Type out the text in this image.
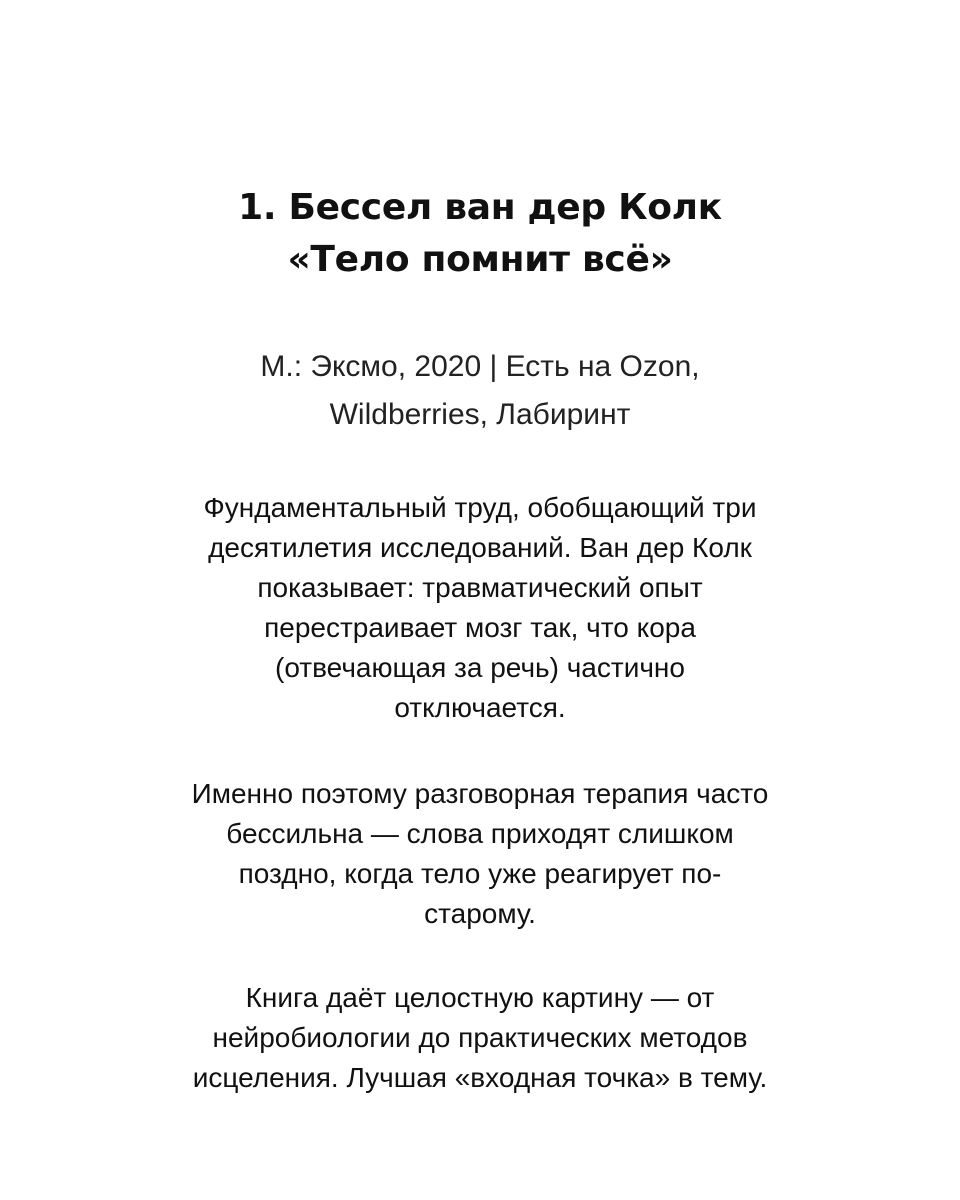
1. Бессел ван дер Колк
«Тело помнит всё»

М.: Эксмо, 2020 | Есть на Ozon,
Wildberries, Лабиринт

Фундаментальный труд, обобщающий три
десятилетия исследований. Ван дер Колк
показывает: травматический опыт
перестраивает мозг так, что кора
(отвечающая за речь) частично
отключается.

Именно поэтому разговорная терапия часто
бессильна — слова приходят слишком
поздно, когда тело уже реагирует по-
старому.

Книга даёт целостную картину — от
нейробиологии до практических методов
исцеления. Лучшая «входная точка» в тему.
